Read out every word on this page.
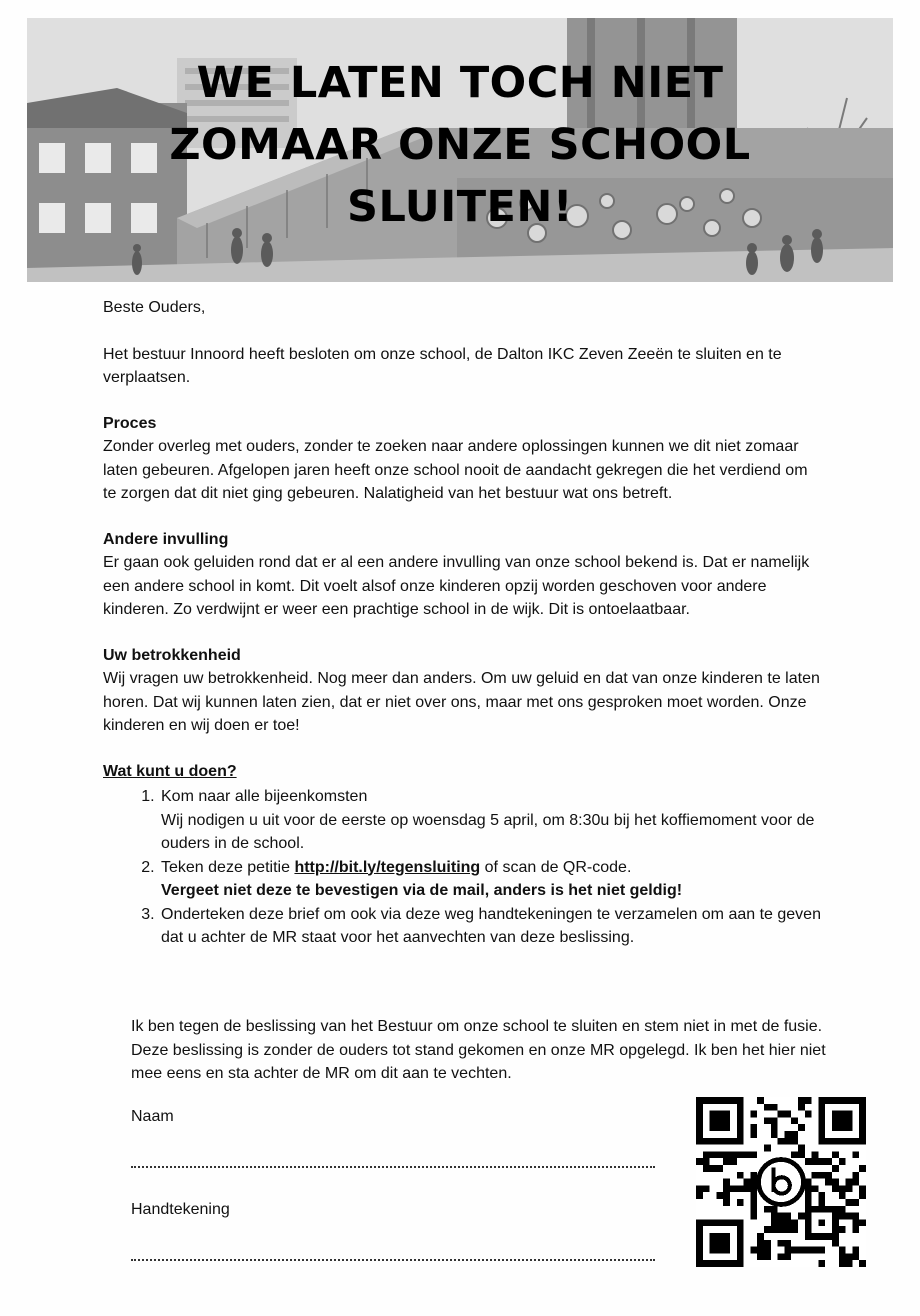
WE LATEN TOCH NIET
ZOMAAR ONZE SCHOOL
SLUITEN!

Beste Ouders,

Het bestuur Innoord heeft besloten om onze school, de Dalton IKC Zeven Zeeën te sluiten en te verplaatsen.

Proces

Zonder overleg met ouders, zonder te zoeken naar andere oplossingen kunnen we dit niet zomaar laten gebeuren. Afgelopen jaren heeft onze school nooit de aandacht gekregen die het verdiend om te zorgen dat dit niet ging gebeuren. Nalatigheid van het bestuur wat ons betreft.

Andere invulling

Er gaan ook geluiden rond dat er al een andere invulling van onze school bekend is. Dat er namelijk een andere school in komt. Dit voelt alsof onze kinderen opzij worden geschoven voor andere kinderen. Zo verdwijnt er weer een prachtige school in de wijk. Dit is ontoelaatbaar.

Uw betrokkenheid

Wij vragen uw betrokkenheid. Nog meer dan anders. Om uw geluid en dat van onze kinderen te laten horen. Dat wij kunnen laten zien, dat er niet over ons, maar met ons gesproken moet worden. Onze kinderen en wij doen er toe!

Wat kunt u doen?

1. Kom naar alle bijeenkomsten
Wij nodigen u uit voor de eerste op woensdag 5 april, om 8:30u bij het koffiemoment voor de ouders in de school.
2. Teken deze petitie http://bit.ly/tegensluiting of scan de QR-code.
Vergeet niet deze te bevestigen via de mail, anders is het niet geldig!
3. Onderteken deze brief om ook via deze weg handtekeningen te verzamelen om aan te geven dat u achter de MR staat voor het aanvechten van deze beslissing.

Ik ben tegen de beslissing van het Bestuur om onze school te sluiten en stem niet in met de fusie. Deze beslissing is zonder de ouders tot stand gekomen en onze MR opgelegd. Ik ben het hier niet mee eens en sta achter de MR om dit aan te vechten.

Naam
Handtekening
